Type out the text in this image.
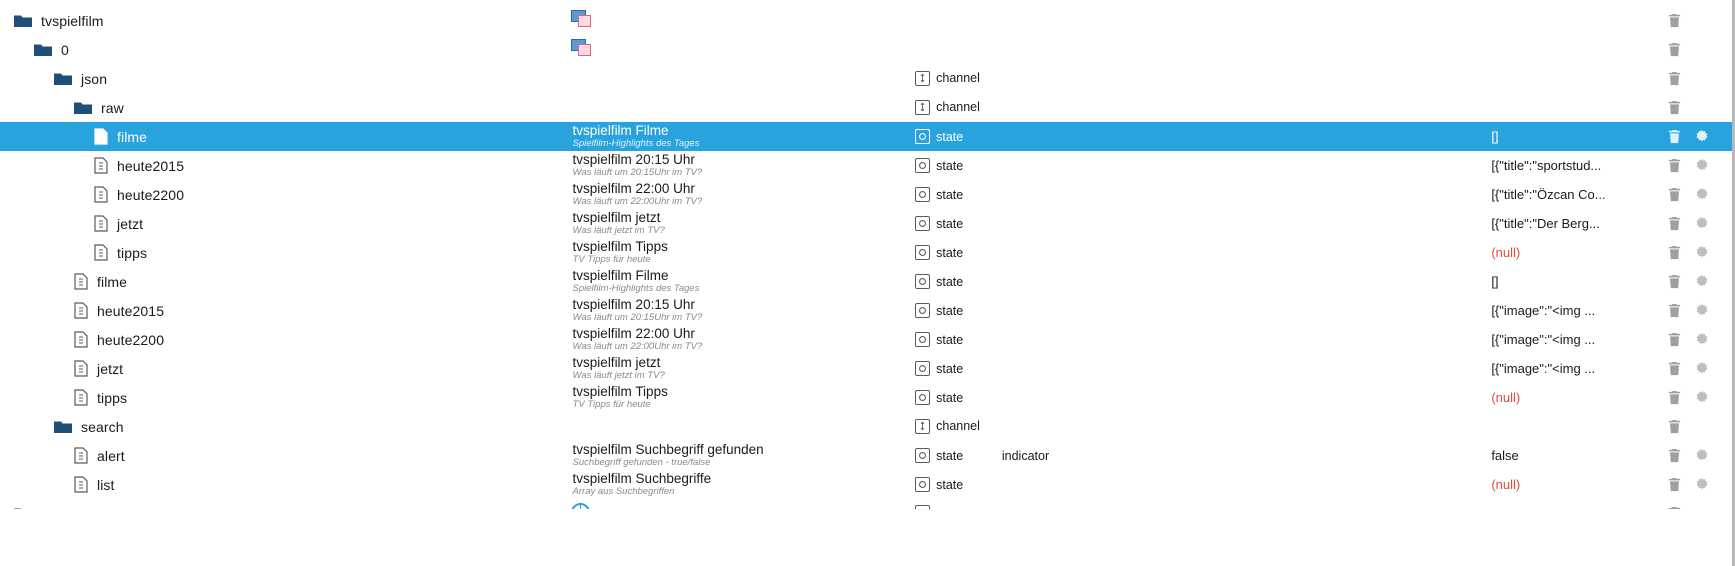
tvspielfilm

0

json		channel

raw		channel

filme	tvspielfilm Filme
Spielfilm-Highlights des Tages	state		[]	

heute2015	tvspielfilm 20:15 Uhr
Was läuft um 20:15Uhr im TV?	state		[{"title":"sportstud...	

heute2200	tvspielfilm 22:00 Uhr
Was läuft um 22:00Uhr im TV?	state		[{"title":"Özcan Co...	

jetzt	tvspielfilm jetzt
Was läuft jetzt im TV?	state		[{"title":"Der Berg...	

tipps	tvspielfilm Tipps
TV Tipps für heute	state		(null)	

filme	tvspielfilm Filme
Spielfilm-Highlights des Tages	state		[]	

heute2015	tvspielfilm 20:15 Uhr
Was läuft um 20:15Uhr im TV?	state		[{"image":"<img ...	

heute2200	tvspielfilm 22:00 Uhr
Was läuft um 22:00Uhr im TV?	state		[{"image":"<img ...	

jetzt	tvspielfilm jetzt
Was läuft jetzt im TV?	state		[{"image":"<img ...	

tipps	tvspielfilm Tipps
TV Tipps für heute	state		(null)	

search		channel

alert	tvspielfilm Suchbegriff gefunden
Suchbegriff gefunden - true/false	state	indicator	false	

list	tvspielfilm Suchbegriffe
Array aus Suchbegriffen	state		(null)	
